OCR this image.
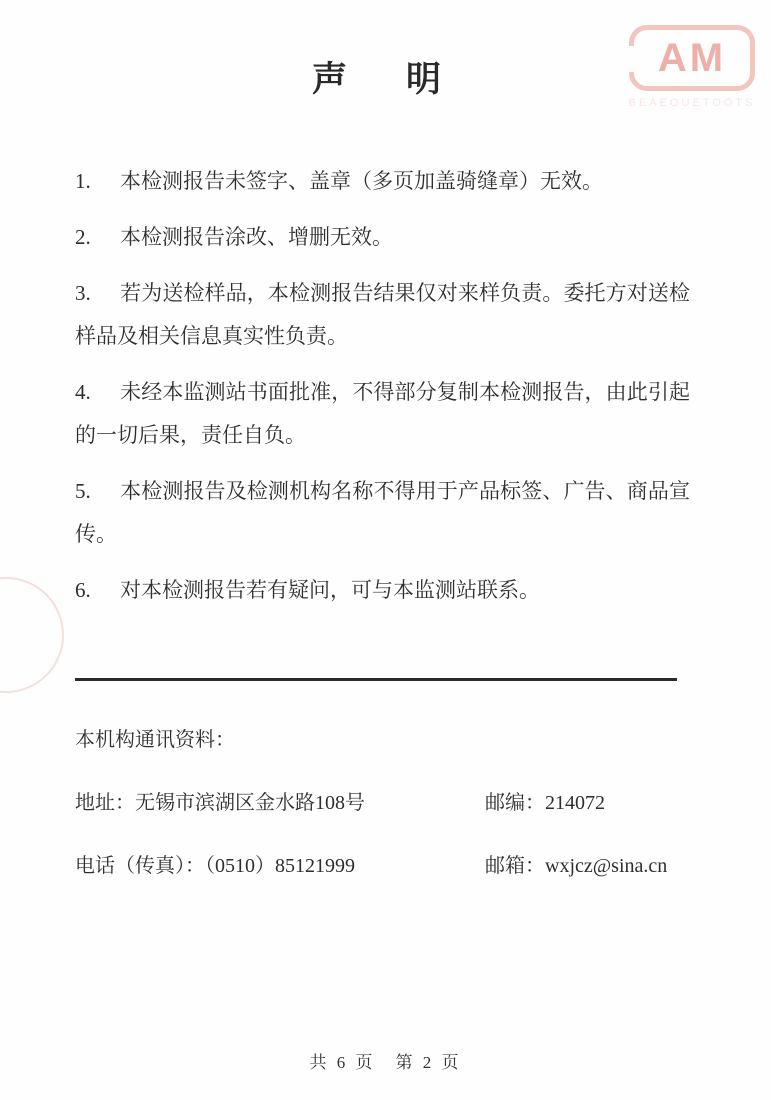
AM
BEAEOUETOOTS
声　明

1. 本检测报告未签字、盖章（多页加盖骑缝章）无效。

2. 本检测报告涂改、增删无效。

3. 若为送检样品，本检测报告结果仅对来样负责。委托方对送检样品及相关信息真实性负责。

4. 未经本监测站书面批准，不得部分复制本检测报告，由此引起的一切后果，责任自负。

5. 本检测报告及检测机构名称不得用于产品标签、广告、商品宣传。

6. 对本检测报告若有疑问，可与本监测站联系。

本机构通讯资料：
地址：无锡市滨湖区金水路108号	邮编：214072
电话（传真）：（0510）85121999	邮箱：wxjcz@sina.cn
共 6 页　第 2 页
